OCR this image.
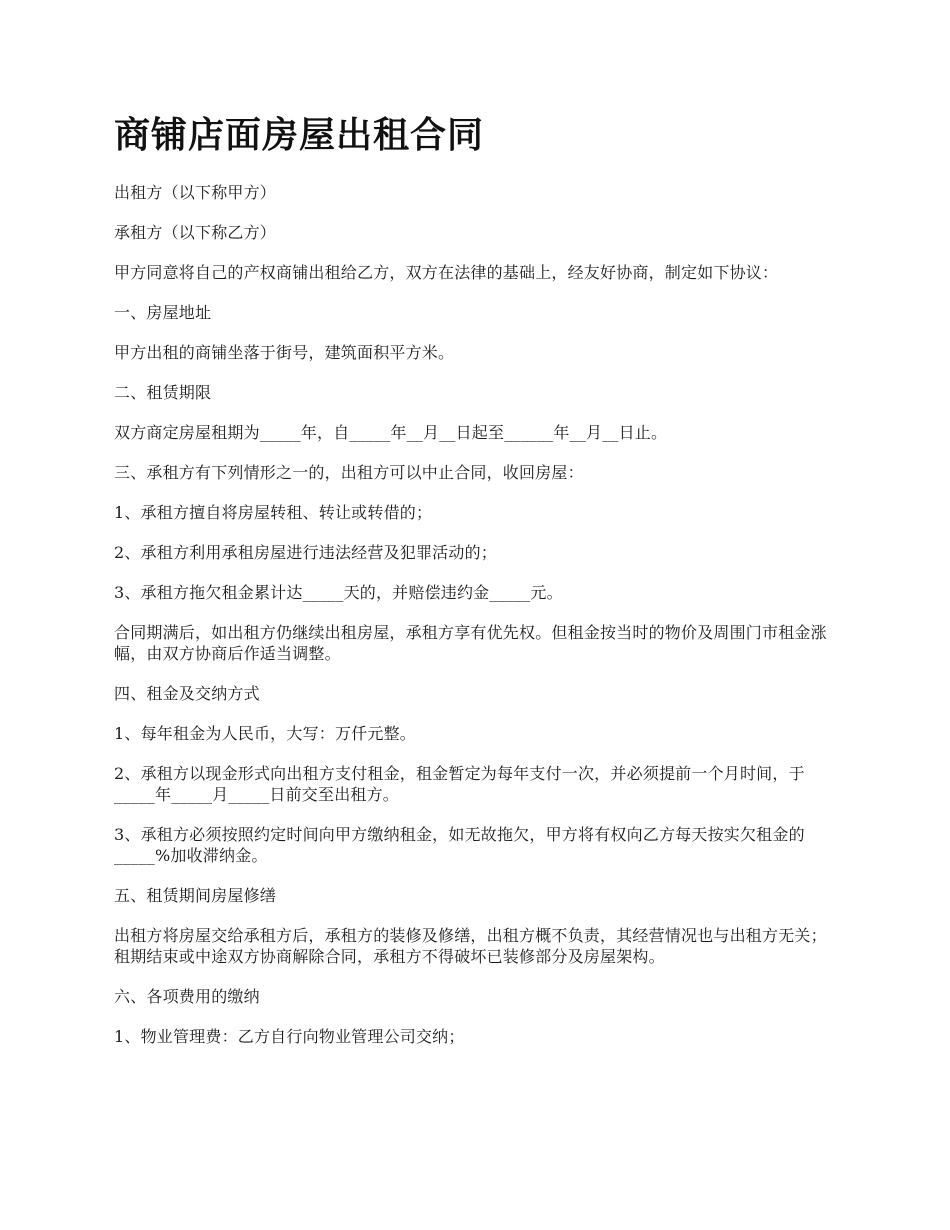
商铺店面房屋出租合同

出租方（以下称甲方）

承租方（以下称乙方）

甲方同意将自己的产权商铺出租给乙方，双方在法律的基础上，经友好协商，制定如下协议：

一、房屋地址

甲方出租的商铺坐落于街号，建筑面积平方米。

二、租赁期限

双方商定房屋租期为_____年，自_____年__月__日起至______年__月__日止。

三、承租方有下列情形之一的，出租方可以中止合同，收回房屋：

1、承租方擅自将房屋转租、转让或转借的；

2、承租方利用承租房屋进行违法经营及犯罪活动的；

3、承租方拖欠租金累计达_____天的，并赔偿违约金_____元。

合同期满后，如出租方仍继续出租房屋，承租方享有优先权。但租金按当时的物价及周围门市租金涨幅，由双方协商后作适当调整。

四、租金及交纳方式

1、每年租金为人民币，大写：万仟元整。

2、承租方以现金形式向出租方支付租金，租金暂定为每年支付一次，并必须提前一个月时间，于_____年_____月_____日前交至出租方。

3、承租方必须按照约定时间向甲方缴纳租金，如无故拖欠，甲方将有权向乙方每天按实欠租金的_____%加收滞纳金。

五、租赁期间房屋修缮

出租方将房屋交给承租方后，承租方的装修及修缮，出租方概不负责，其经营情况也与出租方无关；租期结束或中途双方协商解除合同，承租方不得破坏已装修部分及房屋架构。

六、各项费用的缴纳

1、物业管理费：乙方自行向物业管理公司交纳；
